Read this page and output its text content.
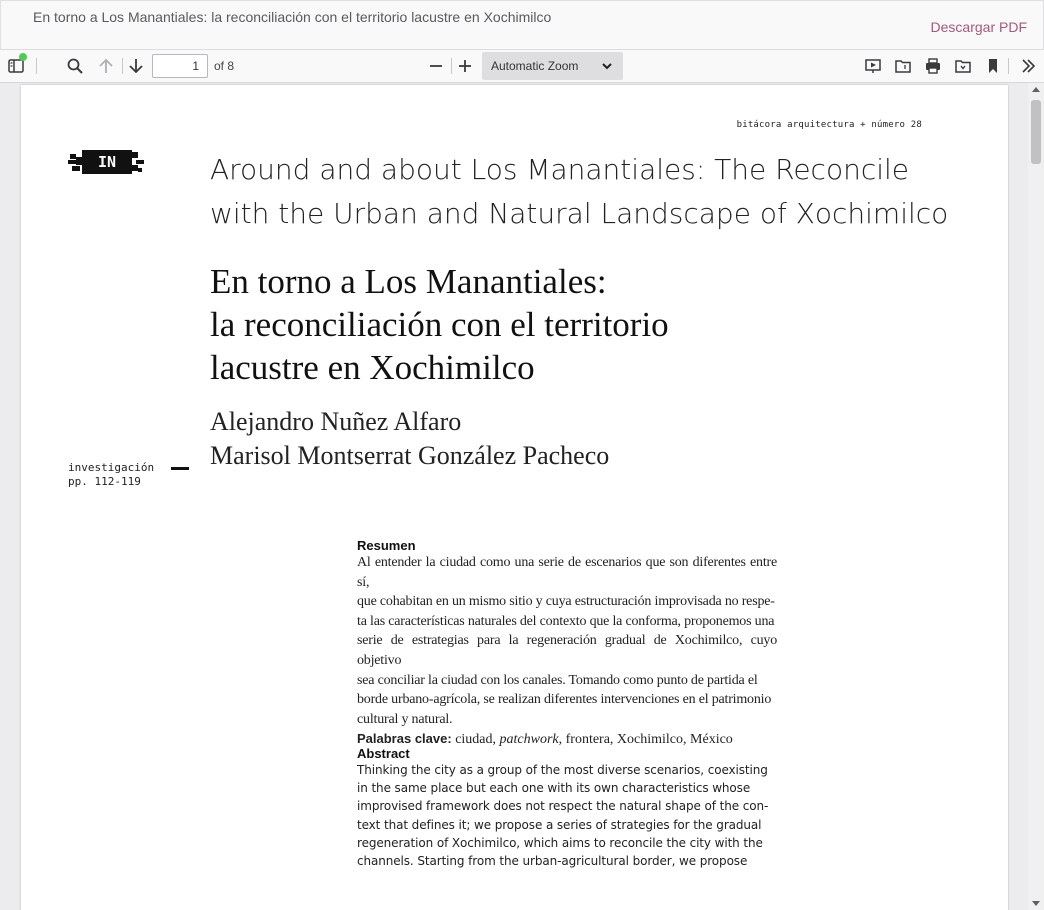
En torno a Los Manantiales: la reconciliación con el territorio lacustre en Xochimilco
Descargar PDF
1
of 8	Automatic Zoom
bitácora arquitectura + número 28
IN	Around and about Los Manantiales: The Reconcile
with the Urban and Natural Landscape of Xochimilco
En torno a Los Manantiales:
la reconciliación con el territorio
lacustre en Xochimilco
Alejandro Nuñez Alfaro
Marisol Montserrat González Pacheco
investigación
pp. 112-119
Resumen
Al entender la ciudad como una serie de escenarios que son diferentes entre sí,
que cohabitan en un mismo sitio y cuya estructuración improvisada no respe-
ta las características naturales del contexto que la conforma, proponemos una
serie de estrategias para la regeneración gradual de Xochimilco, cuyo objetivo
sea conciliar la ciudad con los canales. Tomando como punto de partida el
borde urbano-agrícola, se realizan diferentes intervenciones en el patrimonio
cultural y natural.
Palabras clave: ciudad, patchwork, frontera, Xochimilco, México
Abstract
Thinking the city as a group of the most diverse scenarios, coexisting
in the same place but each one with its own characteristics whose
improvised framework does not respect the natural shape of the con-
text that defines it; we propose a series of strategies for the gradual
regeneration of Xochimilco, which aims to reconcile the city with the
channels. Starting from the urban-agricultural border, we propose
